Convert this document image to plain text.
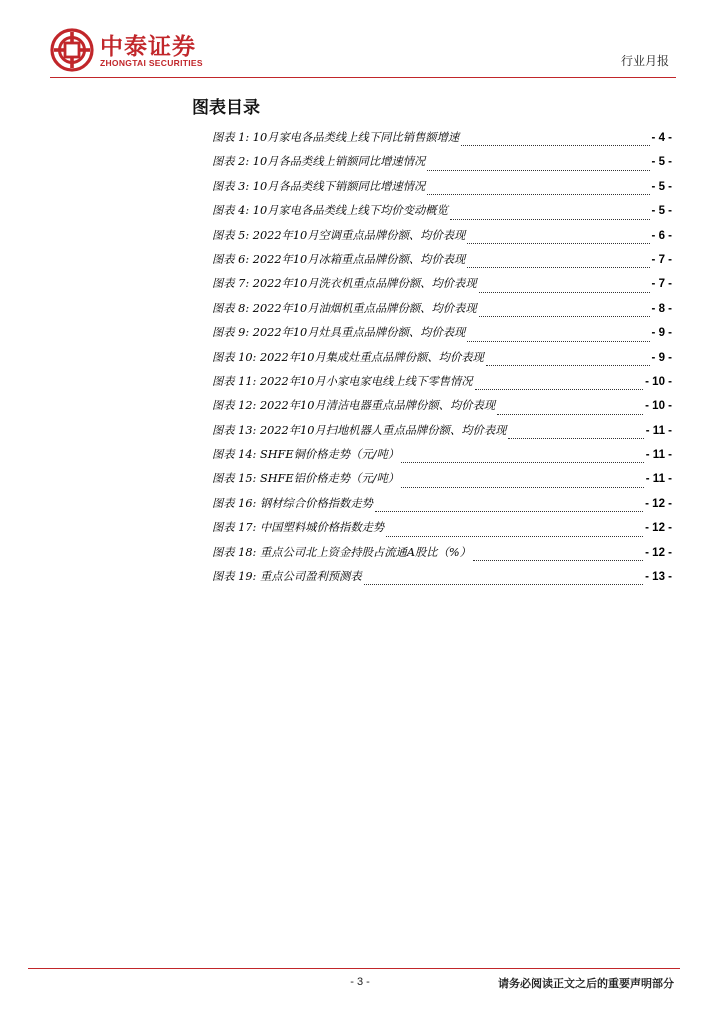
中泰证券
ZHONGTAI SECURITIES	行业月报
图表目录
图表 1: 10月家电各品类线上线下同比销售额增速	- 4 -
图表 2: 10月各品类线上销额同比增速情况	- 5 -
图表 3: 10月各品类线下销额同比增速情况	- 5 -
图表 4: 10月家电各品类线上线下均价变动概览	- 5 -
图表 5: 2022年10月空调重点品牌份额、均价表现	- 6 -
图表 6: 2022年10月冰箱重点品牌份额、均价表现	- 7 -
图表 7: 2022年10月洗衣机重点品牌份额、均价表现	- 7 -
图表 8: 2022年10月油烟机重点品牌份额、均价表现	- 8 -
图表 9: 2022年10月灶具重点品牌份额、均价表现	- 9 -
图表 10: 2022年10月集成灶重点品牌份额、均价表现	- 9 -
图表 11: 2022年10月小家电家电线上线下零售情况	- 10 -
图表 12: 2022年10月清洁电器重点品牌份额、均价表现	- 10 -
图表 13: 2022年10月扫地机器人重点品牌份额、均价表现	- 11 -
图表 14: SHFE铜价格走势（元/吨）	- 11 -
图表 15: SHFE铝价格走势（元/吨）	- 11 -
图表 16: 钢材综合价格指数走势	- 12 -
图表 17: 中国塑料城价格指数走势	- 12 -
图表 18: 重点公司北上资金持股占流通A股比（%）	- 12 -
图表 19: 重点公司盈利预测表	- 13 -
- 3 -	请务必阅读正文之后的重要声明部分
